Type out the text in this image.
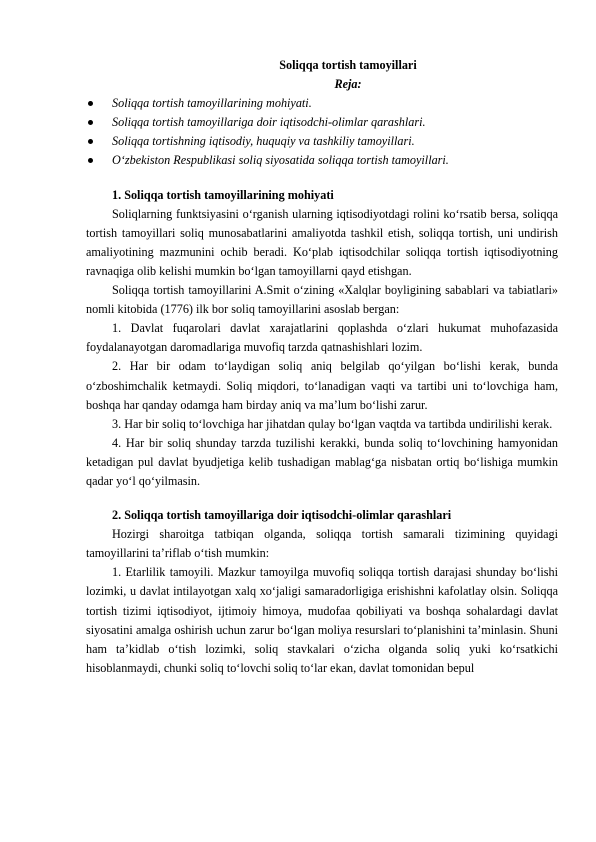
Soliqqa tortish tamoyillari
Reja:
Soliqqa tortish tamoyillarining mohiyati.
Soliqqa tortish tamoyillariga doir iqtisodchi-olimlar qarashlari.
Soliqqa tortishning iqtisodiy, huquqiy va tashkiliy tamoyillari.
O‘zbekiston Respublikasi soliq siyosatida soliqqa tortish tamoyillari.
1. Soliqqa tortish tamoyillarining mohiyati

Soliqlarning funktsiyasini o‘rganish ularning iqtisodiyotdagi rolini ko‘rsatib bersa, soliqqa tortish tamoyillari soliq munosabatlarini amaliyotda tashkil etish, soliqqa tortish, uni undirish amaliyotining mazmunini ochib beradi. Ko‘plab iqtisodchilar soliqqa tortish iqtisodiyotning ravnaqiga olib kelishi mumkin bo‘lgan tamoyillarni qayd etishgan.

Soliqqa tortish tamoyillarini A.Smit o‘zining «Xalqlar boyligining sabablari va tabiatlari» nomli kitobida (1776) ilk bor soliq tamoyillarini asoslab bergan:

1. Davlat fuqarolari davlat xarajatlarini qoplashda o‘zlari hukumat muhofazasida foydalanayotgan daromadlariga muvofiq tarzda qatnashishlari lozim.

2. Har bir odam to‘laydigan soliq aniq belgilab qo‘yilgan bo‘lishi kerak, bunda o‘zboshimchalik ketmaydi. Soliq miqdori, to‘lanadigan vaqti va tartibi uni to‘lovchiga ham, boshqa har qanday odamga ham birday aniq va ma’lum bo‘lishi zarur.

3. Har bir soliq to‘lovchiga har jihatdan qulay bo‘lgan vaqtda va tartibda undirilishi kerak.

4. Har bir soliq shunday tarzda tuzilishi kerakki, bunda soliq to‘lovchining hamyonidan ketadigan pul davlat byudjetiga kelib tushadigan mablag‘ga nisbatan ortiq bo‘lishiga mumkin qadar yo‘l qo‘yilmasin.

2. Soliqqa tortish tamoyillariga doir iqtisodchi-olimlar qarashlari

Hozirgi sharoitga tatbiqan olganda, soliqqa tortish samarali tizimining quyidagi tamoyillarini ta’riflab o‘tish mumkin:

1. Etarlilik tamoyili. Mazkur tamoyilga muvofiq soliqqa tortish darajasi shunday bo‘lishi lozimki, u davlat intilayotgan xalq xo‘jaligi samaradorligiga erishishni kafolatlay olsin. Soliqqa tortish tizimi iqtisodiyot, ijtimoiy himoya, mudofaa qobiliyati va boshqa sohalardagi davlat siyosatini amalga oshirish uchun zarur bo‘lgan moliya resurslari to‘planishini ta’minlasin. Shuni ham ta’kidlab o‘tish lozimki, soliq stavkalari o‘zicha olganda soliq yuki ko‘rsatkichi hisoblanmaydi, chunki soliq to‘lovchi soliq to‘lar ekan, davlat tomonidan bepul
